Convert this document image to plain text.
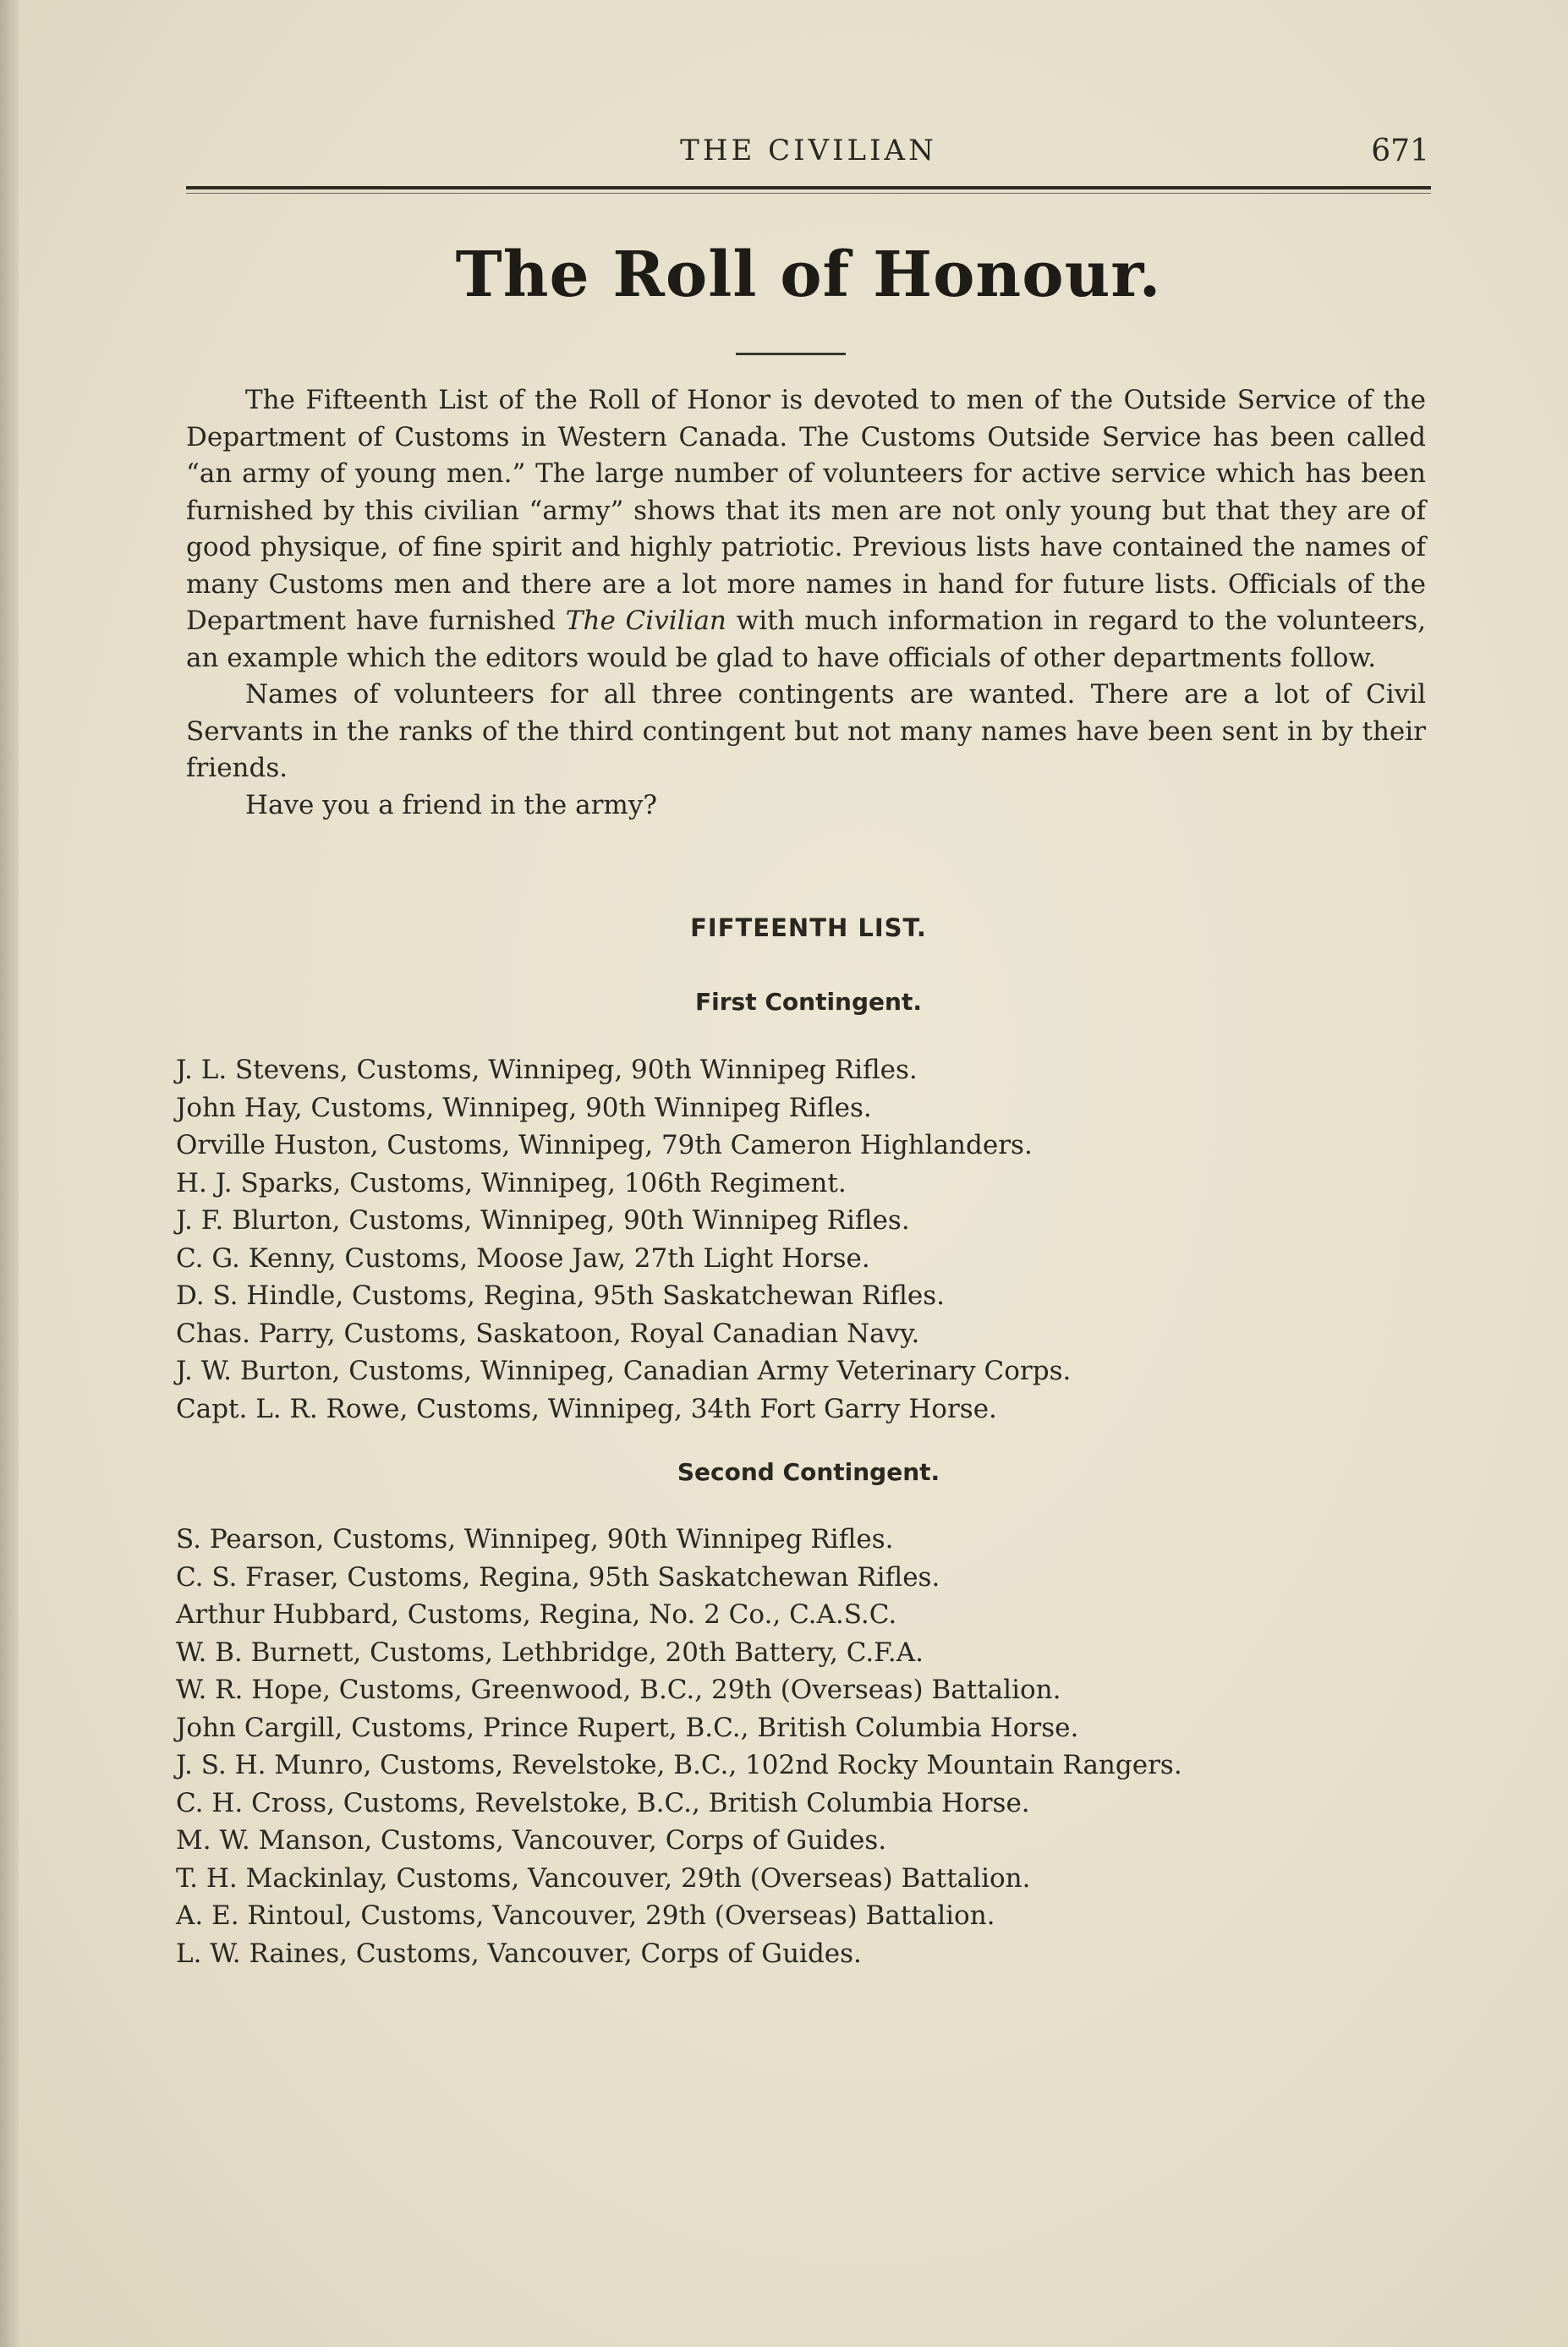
THE CIVILIAN	671
The Roll of Honour.

The Fifteenth List of the Roll of Honor is devoted to men of the Outside Service of the Department of Customs in Western Canada. The Customs Outside Service has been called “an army of young men.” The large number of volunteers for active service which has been furnished by this civilian “army” shows that its men are not only young but that they are of good physique, of fine spirit and highly patriotic. Previous lists have contained the names of many Customs men and there are a lot more names in hand for future lists. Officials of the Department have furnished The Civilian with much information in regard to the volunteers, an example which the editors would be glad to have officials of other departments follow.

Names of volunteers for all three contingents are wanted. There are a lot of Civil Servants in the ranks of the third contingent but not many names have been sent in by their friends.

Have you a friend in the army?

FIFTEENTH LIST.
First Contingent.
J. L. Stevens, Customs, Winnipeg, 90th Winnipeg Rifles.
John Hay, Customs, Winnipeg, 90th Winnipeg Rifles.
Orville Huston, Customs, Winnipeg, 79th Cameron Highlanders.
H. J. Sparks, Customs, Winnipeg, 106th Regiment.
J. F. Blurton, Customs, Winnipeg, 90th Winnipeg Rifles.
C. G. Kenny, Customs, Moose Jaw, 27th Light Horse.
D. S. Hindle, Customs, Regina, 95th Saskatchewan Rifles.
Chas. Parry, Customs, Saskatoon, Royal Canadian Navy.
J. W. Burton, Customs, Winnipeg, Canadian Army Veterinary Corps.
Capt. L. R. Rowe, Customs, Winnipeg, 34th Fort Garry Horse.
Second Contingent.
S. Pearson, Customs, Winnipeg, 90th Winnipeg Rifles.
C. S. Fraser, Customs, Regina, 95th Saskatchewan Rifles.
Arthur Hubbard, Customs, Regina, No. 2 Co., C.A.S.C.
W. B. Burnett, Customs, Lethbridge, 20th Battery, C.F.A.
W. R. Hope, Customs, Greenwood, B.C., 29th (Overseas) Battalion.
John Cargill, Customs, Prince Rupert, B.C., British Columbia Horse.
J. S. H. Munro, Customs, Revelstoke, B.C., 102nd Rocky Mountain Rangers.
C. H. Cross, Customs, Revelstoke, B.C., British Columbia Horse.
M. W. Manson, Customs, Vancouver, Corps of Guides.
T. H. Mackinlay, Customs, Vancouver, 29th (Overseas) Battalion.
A. E. Rintoul, Customs, Vancouver, 29th (Overseas) Battalion.
L. W. Raines, Customs, Vancouver, Corps of Guides.
